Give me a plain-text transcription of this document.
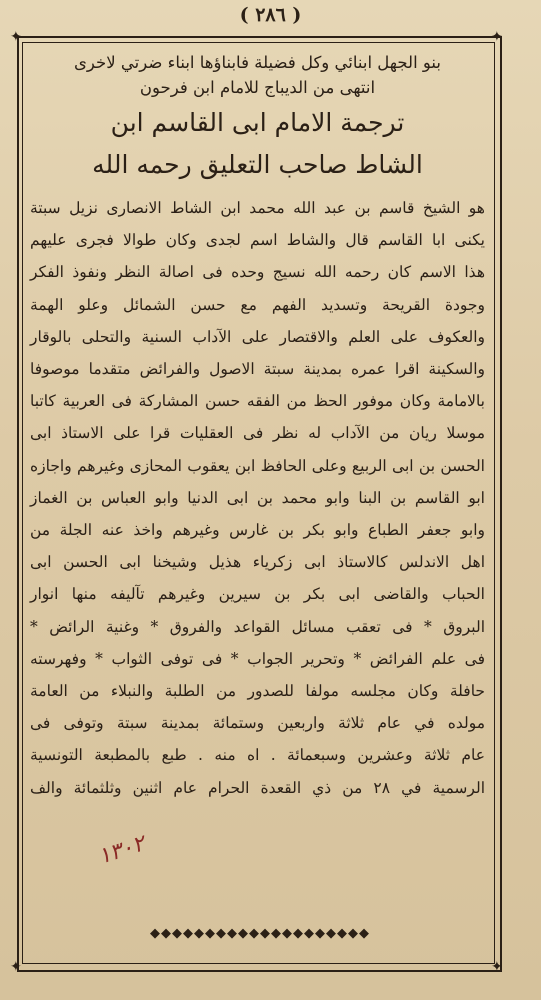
( ٢٨٦ )
✦	✦
✦	✦
بنو الجهل ابنائي وكل فضيلة فابناؤها ابناء ضرتي لاخرى
انتهى من الديباج للامام ابن فرحون
ترجمة الامام ابى القاسم ابن
الشاط صاحب التعليق رحمه الله
هو الشيخ قاسم بن عبد الله محمد ابن الشاط الانصارى نزيل سبتة
يكنى ابا القاسم قال والشاط اسم لجدى وكان طوالا فجرى عليهم
هذا الاسم كان رحمه الله نسيج وحده فى اصالة النظر ونفوذ الفكر
وجودة القريحة وتسديد الفهم مع حسن الشمائل وعلو الهمة
والعكوف على العلم والاقتصار على الآداب السنية والتحلى بالوقار
والسكينة اقرا عمره بمدينة سبتة الاصول والفرائض متقدما موصوفا
بالامامة وكان موفور الحظ من الفقه حسن المشاركة فى العربية كاتبا
موسلا ريان من الآداب له نظر فى العقليات قرا على الاستاذ ابى
الحسن بن ابى الربيع وعلى الحافظ ابن يعقوب المحازى وغيرهم واجازه
ابو القاسم بن البنا وابو محمد بن ابى الدنيا وابو العباس بن الغماز
وابو جعفر الطباع وابو بكر بن غارس وغيرهم واخذ عنه الجلة من
اهل الاندلس كالاستاذ ابى زكرياء هذيل وشيخنا ابى الحسن ابى
الحباب والقاضى ابى بكر بن سيرين وغيرهم تآليفه منها انوار
البروق * فى تعقب مسائل القواعد والفروق * وغنية الرائض *
فى علم الفرائض * وتحرير الجواب * فى توفى الثواب * وفهرسته
حافلة وكان مجلسه مولفا للصدور من الطلبة والنبلاء من العامة
مولده في عام ثلاثة واربعين وستمائة بمدينة سبتة وتوفى فى
عام ثلاثة وعشرين وسبعمائة . اه منه . طبع بالمطبعة التونسية
الرسمية في ٢٨ من ذي القعدة الحرام عام اثنين وثلثمائة والف
١٣٠٢
◆◆◆◆◆◆◆◆◆◆◆◆◆◆◆◆◆◆◆◆
